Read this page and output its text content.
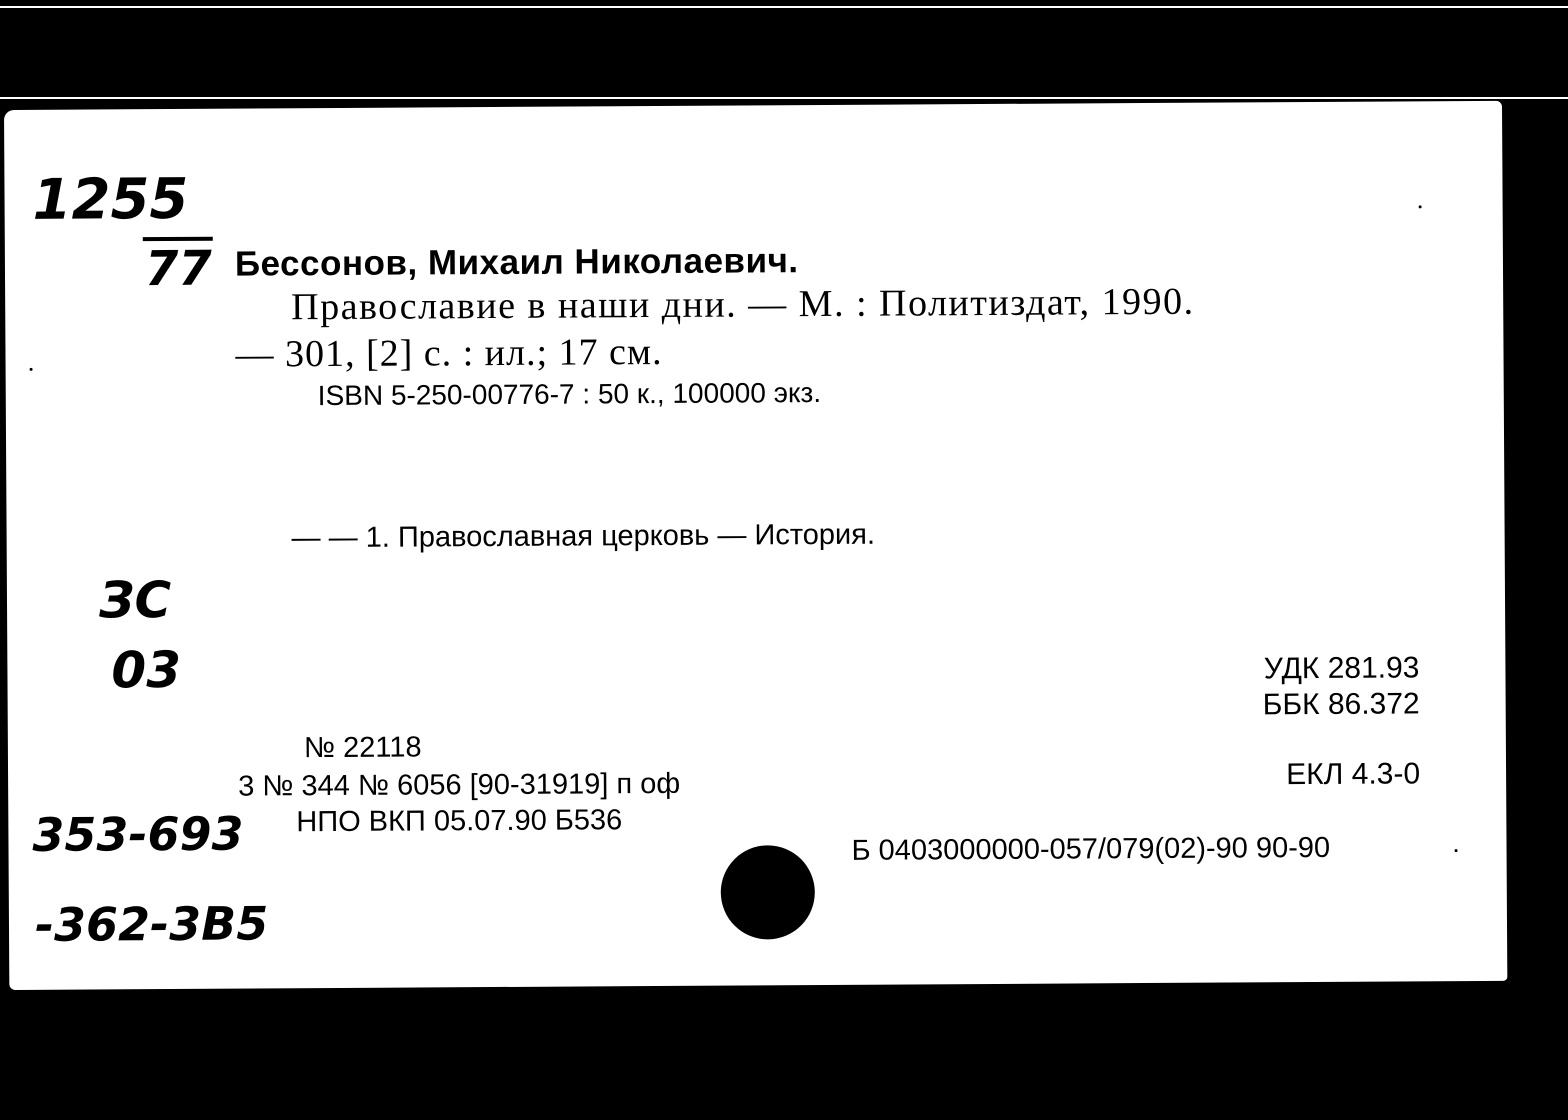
1255
77 Бессонов, Михаил Николаевич.
Православие в наши дни. — М. : Политиздат, 1990.
— 301, [2] с. : ил.; 17 см.
ISBN 5-250-00776-7 : 50 к., 100000 экз.
— — 1. Православная церковь — История.
ЗС
03	УДК 281.93
ББК 86.372
ЕКЛ 4.3-0
№ 22118
3 № 344 № 6056 [90-31919] п оф
НПО ВКП 05.07.90 Б536
Б 0403000000-057/079(02)-90 90-90
353-693
-362-3В5
